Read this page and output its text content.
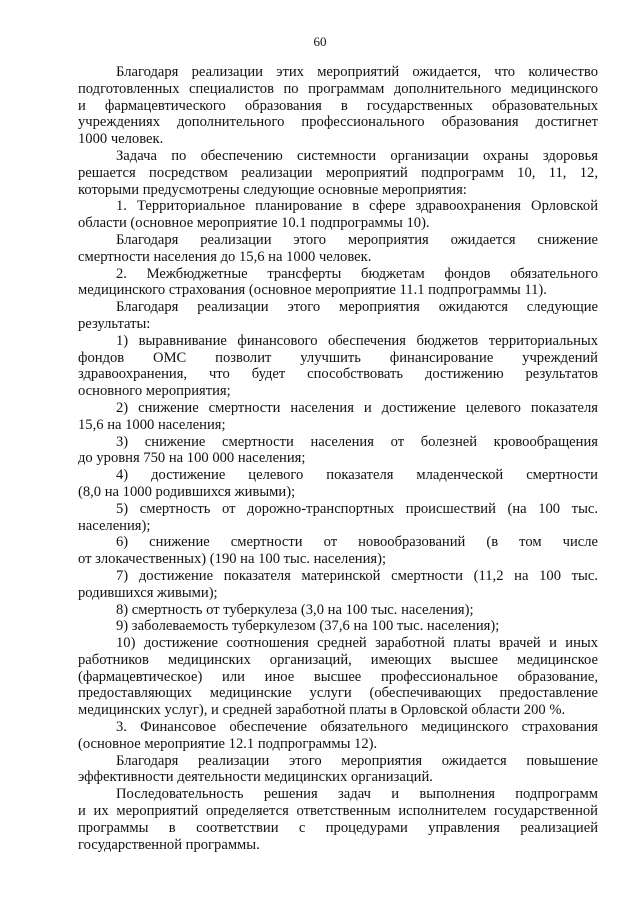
60
Благодаря реализации этих мероприятий ожидается, что количество
подготовленных специалистов по программам дополнительного медицинского
и фармацевтического образования в государственных образовательных
учреждениях дополнительного профессионального образования достигнет
1000 человек.
Задача по обеспечению системности организации охраны здоровья
решается посредством реализации мероприятий подпрограмм 10, 11, 12,
которыми предусмотрены следующие основные мероприятия:
1. Территориальное планирование в сфере здравоохранения Орловской
области (основное мероприятие 10.1 подпрограммы 10).
Благодаря реализации этого мероприятия ожидается снижение
смертности населения до 15,6 на 1000 человек.
2. Межбюджетные трансферты бюджетам фондов обязательного
медицинского страхования (основное мероприятие 11.1 подпрограммы 11).
Благодаря реализации этого мероприятия ожидаются следующие
результаты:
1) выравнивание финансового обеспечения бюджетов территориальных
фондов ОМС позволит улучшить финансирование учреждений
здравоохранения, что будет способствовать достижению результатов
основного мероприятия;
2) снижение смертности населения и достижение целевого показателя
15,6 на 1000 населения;
3) снижение смертности населения от болезней кровообращения
до уровня 750 на 100 000 населения;
4) достижение целевого показателя младенческой смертности
(8,0 на 1000 родившихся живыми);
5) смертность от дорожно-транспортных происшествий (на 100 тыс.
населения);
6) снижение смертности от новообразований (в том числе
от злокачественных) (190 на 100 тыс. населения);
7) достижение показателя материнской смертности (11,2 на 100 тыс.
родившихся живыми);
8) смертность от туберкулеза (3,0 на 100 тыс. населения);
9) заболеваемость туберкулезом (37,6 на 100 тыс. населения);
10) достижение соотношения средней заработной платы врачей и иных
работников медицинских организаций, имеющих высшее медицинское
(фармацевтическое) или иное высшее профессиональное образование,
предоставляющих медицинские услуги (обеспечивающих предоставление
медицинских услуг), и средней заработной платы в Орловской области 200 %.
3. Финансовое обеспечение обязательного медицинского страхования
(основное мероприятие 12.1 подпрограммы 12).
Благодаря реализации этого мероприятия ожидается повышение
эффективности деятельности медицинских организаций.
Последовательность решения задач и выполнения подпрограмм
и их мероприятий определяется ответственным исполнителем государственной
программы в соответствии с процедурами управления реализацией
государственной программы.
